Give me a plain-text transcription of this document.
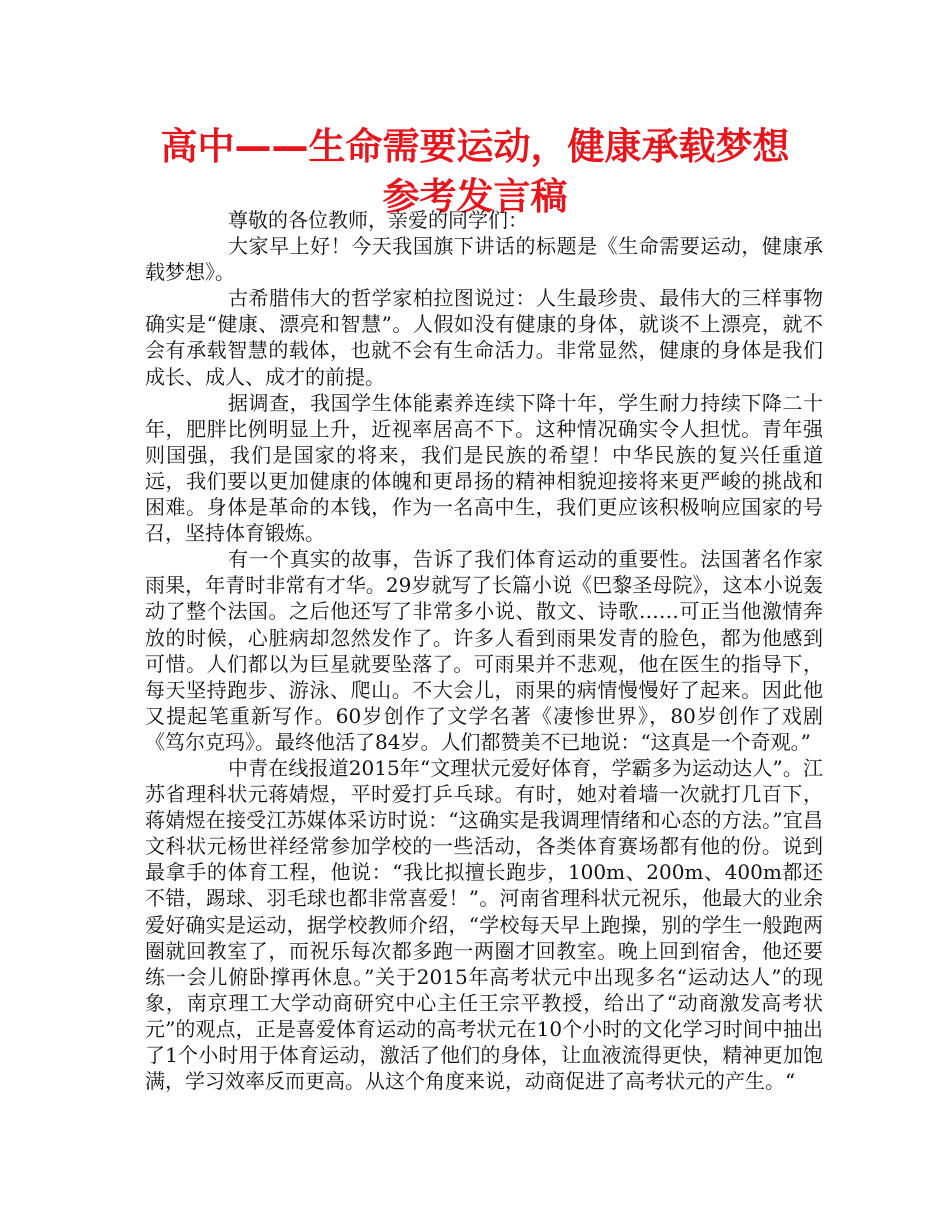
高中——生命需要运动，健康承载梦想参考发言稿

尊敬的各位教师，亲爱的同学们：

大家早上好！今天我国旗下讲话的标题是《生命需要运动，健康承载梦想》。

古希腊伟大的哲学家柏拉图说过：人生最珍贵、最伟大的三样事物确实是“健康、漂亮和智慧”。人假如没有健康的身体，就谈不上漂亮，就不会有承载智慧的载体，也就不会有生命活力。非常显然，健康的身体是我们成长、成人、成才的前提。

据调查，我国学生体能素养连续下降十年，学生耐力持续下降二十年，肥胖比例明显上升，近视率居高不下。这种情况确实令人担忧。青年强则国强，我们是国家的将来，我们是民族的希望！中华民族的复兴任重道远，我们要以更加健康的体魄和更昂扬的精神相貌迎接将来更严峻的挑战和困难。身体是革命的本钱，作为一名高中生，我们更应该积极响应国家的号召，坚持体育锻炼。

有一个真实的故事，告诉了我们体育运动的重要性。法国著名作家雨果，年青时非常有才华。29岁就写了长篇小说《巴黎圣母院》，这本小说轰动了整个法国。之后他还写了非常多小说、散文、诗歌……可正当他激情奔放的时候，心脏病却忽然发作了。许多人看到雨果发青的脸色，都为他感到可惜。人们都以为巨星就要坠落了。可雨果并不悲观，他在医生的指导下，每天坚持跑步、游泳、爬山。不大会儿，雨果的病情慢慢好了起来。因此他又提起笔重新写作。60岁创作了文学名著《凄惨世界》，80岁创作了戏剧《笃尔克玛》。最终他活了84岁。人们都赞美不已地说：“这真是一个奇观。”

中青在线报道2015年“文理状元爱好体育，学霸多为运动达人”。江苏省理科状元蒋婧煜，平时爱打乒乓球。有时，她对着墙一次就打几百下，蒋婧煜在接受江苏媒体采访时说：“这确实是我调理情绪和心态的方法。”宜昌文科状元杨世祥经常参加学校的一些活动，各类体育赛场都有他的份。说到最拿手的体育工程，他说：“我比拟擅长跑步，100m、200m、400m都还不错，踢球、羽毛球也都非常喜爱！”。河南省理科状元祝乐，他最大的业余爱好确实是运动，据学校教师介绍，“学校每天早上跑操，别的学生一般跑两圈就回教室了，而祝乐每次都多跑一两圈才回教室。晚上回到宿舍，他还要练一会儿俯卧撑再休息。”关于2015年高考状元中出现多名“运动达人”的现象，南京理工大学动商研究中心主任王宗平教授，给出了“动商激发高考状元”的观点，正是喜爱体育运动的高考状元在10个小时的文化学习时间中抽出了1个小时用于体育运动，激活了他们的身体，让血液流得更快，精神更加饱满，学习效率反而更高。从这个角度来说，动商促进了高考状元的产生。“
